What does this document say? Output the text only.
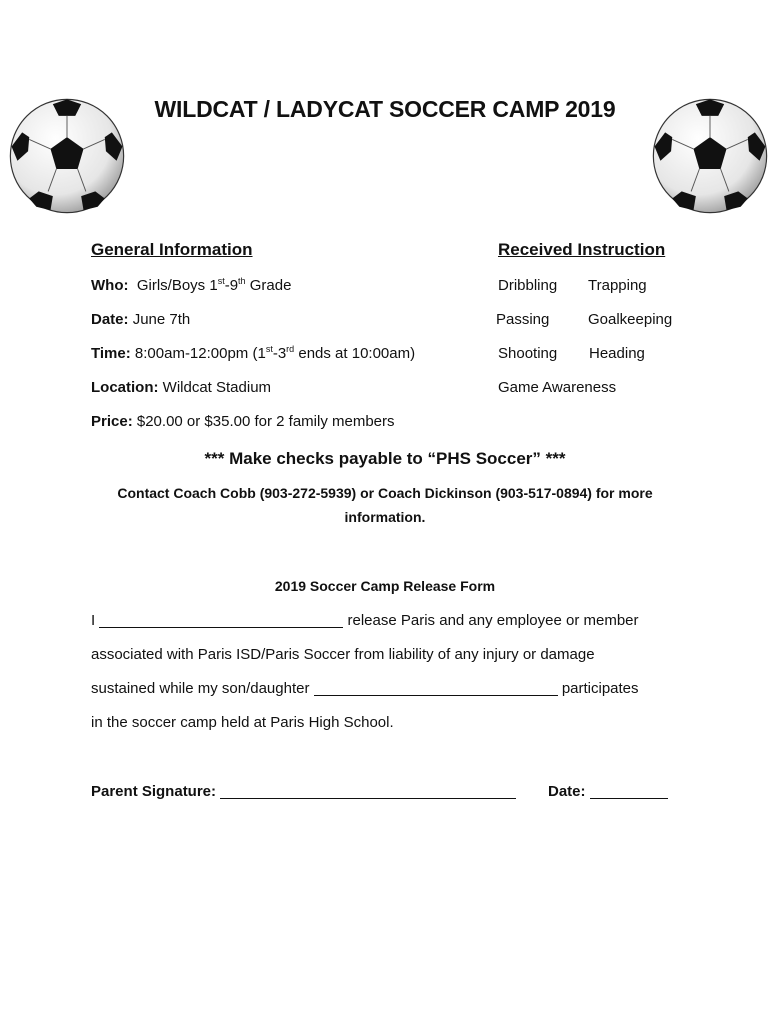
WILDCAT / LADYCAT SOCCER CAMP 2019
General Information
Who: Girls/Boys 1st-9th Grade
Date: June 7th
Time: 8:00am-12:00pm (1st-3rd ends at 10:00am)
Location: Wildcat Stadium
Price: $20.00 or $35.00 for 2 family members
Received Instruction
Dribbling Trapping
Passing	Goalkeeping
Shooting Heading
Game Awareness
*** Make checks payable to “PHS Soccer” ***
Contact Coach Cobb (903-272-5939) or Coach Dickinson (903-517-0894) for more
information.
2019 Soccer Camp Release Form
I	release Paris and any employee or member
associated with Paris ISD/Paris Soccer from liability of any injury or damage
sustained while my son/daughter	participates
in the soccer camp held at Paris High School.
Parent Signature:	Date:
